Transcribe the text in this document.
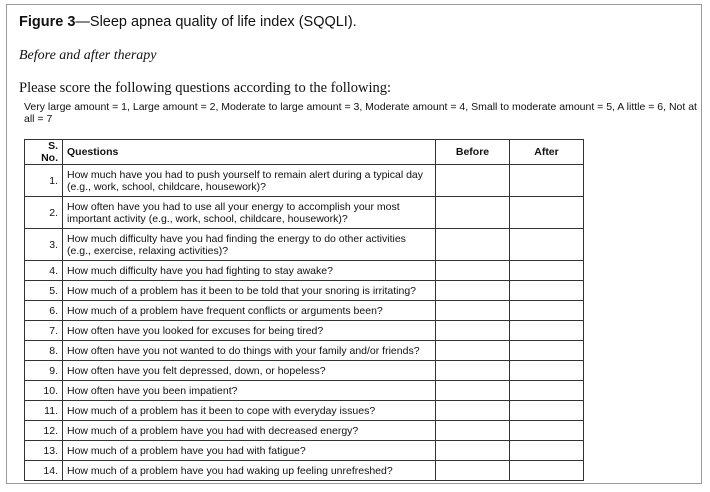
Figure 3—Sleep apnea quality of life index (SQQLI).
Before and after therapy
Please score the following questions according to the following:
Very large amount = 1, Large amount = 2, Moderate to large amount = 3, Moderate amount = 4, Small to moderate amount = 5, A little = 6, Not at all = 7
S. No.	Questions	Before	After
1.	How much have you had to push yourself to remain alert during a typical day (e.g., work, school, childcare, housework)?		
2.	How often have you had to use all your energy to accomplish your most important activity (e.g., work, school, childcare, housework)?		
3.	How much difficulty have you had finding the energy to do other activities (e.g., exercise, relaxing activities)?		
4.	How much difficulty have you had fighting to stay awake?		
5.	How much of a problem has it been to be told that your snoring is irritating?		
6.	How much of a problem have frequent conflicts or arguments been?		
7.	How often have you looked for excuses for being tired?		
8.	How often have you not wanted to do things with your family and/or friends?		
9.	How often have you felt depressed, down, or hopeless?		
10.	How often have you been impatient?		
11.	How much of a problem has it been to cope with everyday issues?		
12.	How much of a problem have you had with decreased energy?		
13.	How much of a problem have you had with fatigue?		
14.	How much of a problem have you had waking up feeling unrefreshed?		
